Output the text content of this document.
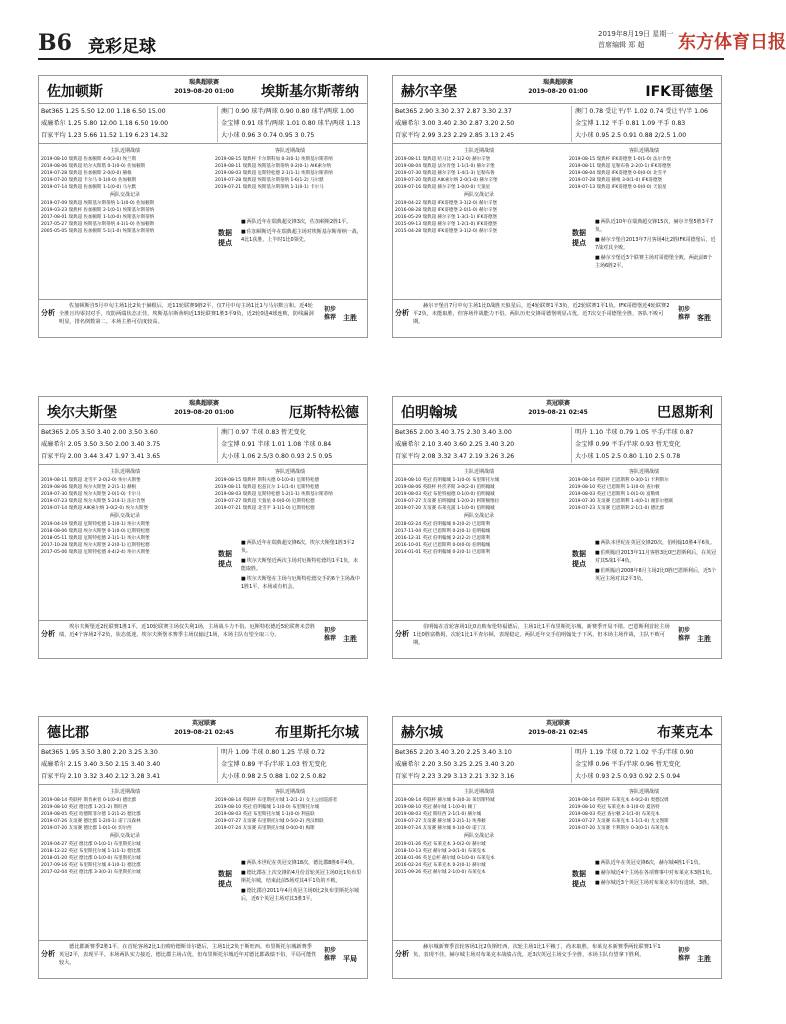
B6 竞彩足球
2019年8月19日 星期一
首席编辑 郑 超	东方体育日报
佐加顿斯
瑞典超联赛
2019-08-20 01:00	埃斯基尔斯蒂纳
Bet365 1.25 5.50 12.00 1.18 6.50 15.00
威廉希尔 1.25 5.80 12.00 1.18 6.50 19.00
百家平均 1.23 5.66 11.52 1.19 6.23 14.32
澳门 0.90 球半/两球 0.90 0.80 球半/两球 1.00
金宝博 0.91 球半/两球 1.01 0.80 球半/两球 1.13
大小球 0.96 3 0.74 0.95 3 0.75
主队近期战绩
2019-08-10 瑞典超 佐加顿斯 4-0(3-0) 埃兰斯
2019-08-06 瑞典超 哈尔夫斯塔 0-1(0-0) 佐加顿斯
2019-07-28 瑞典超 佐加顿斯 2-0(0-0) 赫根
2019-07-20 瑞典超 卡尔马 0-1(0-0) 佐加顿斯
2019-07-14 瑞典超 佐加顿斯 1-1(0-0) 马尔默
两队交战记录
2019-07-09 瑞典超 埃斯基尔斯蒂纳 1-1(0-0) 佐加顿斯
2019-03-23 瑞典杯 佐加顿斯 2-1(0-1) 埃斯基尔斯蒂纳
2017-08-01 瑞典超 佐加顿斯 1-1(0-0) 埃斯基尔斯蒂纳
2017-05-27 瑞典超 埃斯基尔斯蒂纳 4-1(1-0) 佐加顿斯
2005-05-05 瑞典超 佐加顿斯 5-1(1-0) 埃斯基尔斯蒂纳
客队近期战绩
2019-08-15 瑞典杯 卡尔斯科加 0-3(0-1) 埃斯基尔斯蒂纳
2019-08-11 瑞典超 埃斯基尔斯蒂纳 0-2(0-1) AIK索尔纳
2019-08-03 瑞典超 厄斯特松德 2-1(1-1) 埃斯基尔斯蒂纳
2019-07-28 瑞典超 埃斯基尔斯蒂纳 1-6(1-2) 马尔默
2019-07-21 瑞典超 埃斯基尔斯蒂纳 1-1(0-1) 卡尔马
数据提点
■ 两队近年在瑞典超交锋3次，佐加顿斯2胜1平。
■ 佐加顿斯近年在瑞典超主场对埃斯基尔斯蒂纳一战，4比1获胜，上半时1比0领先。
分析
佐加顿斯自5月中旬主场1比2负于赫根后，近11轮联赛9胜2平，仅7月中旬主场1比1与马尔默言和。近4轮全胜且均零封对手，攻防两端状态正佳。埃斯基尔斯蒂纳近13轮联赛1胜3平9负，近2轮0进4球连败，防线漏洞明显，排名倒数第二。本场主胜可信度较高。
初步推荐 主胜
赫尔辛堡
瑞典超联赛
2019-08-20 01:00	IFK哥德堡
Bet365 2.90 3.30 2.37 2.87 3.30 2.37
威廉希尔 3.00 3.40 2.30 2.87 3.20 2.50
百家平均 2.99 3.23 2.29 2.85 3.13 2.45
澳门 0.78 受让平/半 1.02 0.74 受让平/半 1.06
金宝博 1.12 平手 0.81 1.09 平手 0.83
大小球 0.95 2.5 0.91 0.88 2/2.5 1.00
主队近期战绩
2019-08-11 瑞典超 哈马比 2-1(2-0) 赫尔辛堡
2019-08-04 瑞典超 法尔肯堡 1-1(1-0) 赫尔辛堡
2019-07-30 瑞典超 赫尔辛堡 1-4(1-3) 厄勒布鲁
2019-07-20 瑞典超 AIK索尔纳 2-0(1-0) 赫尔辛堡
2019-07-16 瑞典超 赫尔辛堡 1-0(0-0) 天狼星
两队交战记录
2019-04-22 瑞典超 IFK哥德堡 3-1(2-0) 赫尔辛堡
2016-08-28 瑞典超 IFK哥德堡 2-0(1-0) 赫尔辛堡
2016-05-29 瑞典超 赫尔辛堡 1-3(1-1) IFK哥德堡
2015-09-13 瑞典超 赫尔辛堡 1-2(1-0) IFK哥德堡
2015-04-28 瑞典超 IFK哥德堡 3-1(2-0) 赫尔辛堡
客队近期战绩
2019-08-15 瑞典杯 IFK哥德堡 1-0(1-0) 法尔肯堡
2019-08-11 瑞典超 厄勒布鲁 2-2(0-1) IFK哥德堡
2019-08-04 瑞典超 IFK哥德堡 0-0(0-0) 北雪平
2019-07-28 瑞典超 赫根 3-0(1-0) IFK哥德堡
2019-07-13 瑞典超 IFK哥德堡 0-0(0-0) 天狼星
数据提点
■ 两队近10年在瑞典超交锋15次，赫尔辛堡5胜3平7负。
■ 赫尔辛堡自2013年7月客场4比2胜IFK哥德堡后，近7战对其全败。
■ 赫尔辛堡近3个联赛主场对哥德堡全败，两此前8个主场6胜2平。
分析
赫尔辛堡自7月中旬主场1比0战胜天狼星后，近4轮联赛1平3负，近2轮联赛1平1负。IFK哥德堡近4轮联赛2平2负，未能取胜，但客场作战能力不俗。两队历史交锋哥德堡明显占优，近7次交手哥德堡全胜，客队不败可期。
初步推荐 客胜
埃尔夫斯堡
瑞典超联赛
2019-08-20 01:00	厄斯特松德
Bet365 2.05 3.50 3.40 2.00 3.50 3.60
威廉希尔 2.05 3.50 3.50 2.00 3.40 3.75
百家平均 2.00 3.44 3.47 1.97 3.41 3.65
澳门 0.97 半球 0.83 暂无变化
金宝博 0.91 半球 1.01 1.08 半球 0.84
大小球 1.06 2.5/3 0.80 0.93 2.5 0.95
主队近期战绩
2019-08-11 瑞典超 北雪平 2-0(2-0) 埃尔夫斯堡
2019-08-06 瑞典超 埃尔夫斯堡 2-2(1-1) 赫根
2019-07-30 瑞典超 埃尔夫斯堡 2-0(1-0) 卡尔马
2019-07-23 瑞典超 埃尔夫斯堡 5-2(4-1) 法尔肯堡
2019-07-14 瑞典超 AIK索尔纳 3-0(2-0) 埃尔夫斯堡
两队交战记录
2019-04-19 瑞典超 厄斯特松德 1-1(0-1) 埃尔夫斯堡
2018-08-06 瑞典超 埃尔夫斯堡 0-1(0-0) 厄斯特松德
2018-05-11 瑞典超 厄斯特松德 2-1(1-1) 埃尔夫斯堡
2017-10-28 瑞典超 埃尔夫斯堡 2-2(0-1) 厄斯特松德
2017-05-06 瑞典超 厄斯特松德 4-4(2-4) 埃尔夫斯堡
客队近期战绩
2019-08-15 瑞典杯 斯科夫德 0-1(0-0) 厄斯特松德
2019-08-11 瑞典超 松兹瓦尔 1-1(1-0) 厄斯特松德
2019-08-03 瑞典超 厄斯特松德 1-2(1-1) 埃斯基尔斯蒂纳
2019-07-27 瑞典超 天狼星 0-0(0-0) 厄斯特松德
2019-07-21 瑞典超 北雪平 3-1(1-0) 厄斯特松德
数据提点
■ 两队近年在瑞典超交锋6次，埃尔夫斯堡1胜3平2负。
■ 埃尔夫斯堡近两次主场对厄斯特松德均1平1负，未能取胜。
■ 埃尔夫斯堡在主场与厄斯特松德交手的6个主场战中1胜1平，本场或有机会。
分析
埃尔夫斯堡近2轮联赛1胜1平，近10轮联赛主场仅失利1场，主场战斗力不俗。厄斯特松德近5轮联赛未尝胜绩，近4个客场2平2负，状态低迷。埃尔夫斯堡本赛季主场仅输过1场，本场主队有望全取三分。
初步推荐 主胜
伯明翰城
英冠联赛
2019-08-21 02:45	巴恩斯利
Bet365 2.00 3.40 3.75 2.30 3.40 3.00
威廉希尔 2.10 3.40 3.60 2.25 3.40 3.20
百家平均 2.08 3.32 3.47 2.19 3.26 3.26
明升 1.10 半球 0.79 1.05 平手/半球 0.87
金宝博 0.99 平手/半球 0.93 暂无变化
大小球 1.05 2.5 0.80 1.10 2.5 0.78
主队近期战绩
2019-08-10 英冠 伯明翰城 1-1(0-0) 布里斯托尔城
2019-08-06 英联杯 朴茨茅斯 3-0(2-0) 伯明翰城
2019-08-03 英冠 布伦特福德 0-1(0-0) 伯明翰城
2019-07-27 友谊赛 伯明翰城 1-2(0-2) 阿斯顿维拉
2019-07-20 友谊赛 布莱克浦 1-1(0-0) 伯明翰城
两队交战记录
2018-02-24 英冠 伯明翰城 0-2(0-2) 巴恩斯利
2017-11-04 英冠 巴恩斯利 0-2(0-1) 伯明翰城
2016-12-31 英冠 伯明翰城 2-2(2-2) 巴恩斯利
2016-10-01 英冠 巴恩斯利 0-0(0-0) 伯明翰城
2014-01-01 英冠 伯明翰城 0-2(0-1) 巴恩斯利
客队近期战绩
2019-08-14 英联杯 巴恩斯利 0-3(0-1) 卡利斯尔
2019-08-10 英冠 巴恩斯利 1-1(0-0) 查尔顿
2019-08-03 英冠 巴恩斯利 1-0(1-0) 富勒姆
2019-07-30 友谊赛 巴恩斯利 1-4(0-1) 谢菲尔德联
2019-07-23 友谊赛 巴恩斯利 2-1(1-0) 德比郡
数据提点
■ 两队本世纪在英冠交锋20次，伯明翰10胜4平6负。
■ 伯明翰自2013年11月客胜3比0巴恩斯利后，在英冠对其5战1平4负。
■ 伯明翰自2008年8月主场2比0胜巴恩斯利后，近5个英冠主场对其2平3负。
分析
伯明翰在首轮客场1比0击败布伦特福德后，主场1比1平布里斯托尔城，新赛季开局不错。巴恩斯利首轮主场1比0胜富勒姆，次轮1比1平查尔顿，表现稳定。两队近年交手伯明翰处于下风，但本场主场作战，主队不败可期。
初步推荐 主胜
德比郡
英冠联赛
2019-08-21 02:45	布里斯托尔城
Bet365 1.95 3.50 3.80 2.20 3.25 3.30
威廉希尔 2.15 3.40 3.50 2.15 3.40 3.40
百家平均 2.10 3.32 3.40 2.12 3.28 3.41
明升 1.09 半球 0.80 1.25 半球 0.72
金宝博 0.89 平手/半球 1.03 暂无变化
大小球 0.98 2.5 0.88 1.02 2.5 0.82
主队近期战绩
2019-08-14 英联杯 斯肯索普 0-1(0-0) 德比郡
2019-08-10 英冠 德比郡 1-2(1-2) 斯旺西
2019-08-05 英冠 哈德斯菲尔德 1-2(1-2) 德比郡
2019-07-26 友谊赛 德比郡 1-2(0-1) 诺丁汉森林
2019-07-20 友谊赛 德比郡 1-0(1-0) 切尔西
两队交战记录
2019-04-27 英冠 德比郡 0-1(0-1) 布里斯托尔城
2018-12-22 英冠 布里斯托尔城 1-1(1-1) 德比郡
2018-01-20 英冠 德比郡 0-1(0-0) 布里斯托尔城
2017-09-16 英冠 布里斯托尔城 4-1(0-1) 德比郡
2017-02-04 英冠 德比郡 3-3(0-3) 布里斯托尔城
客队近期战绩
2019-08-14 英联杯 布里斯托尔城 1-2(1-2) 女王公园巡游者
2019-08-10 英冠 伯明翰城 1-1(0-0) 布里斯托尔城
2019-08-03 英冠 布里斯托尔城 1-1(0-0) 利兹联
2019-07-27 友谊赛 布里斯托尔城 0-5(0-2) 西汉姆联
2019-07-24 友谊赛 布里斯托尔城 0-0(0-0) 梅斯
数据提点
■ 两队本世纪在英冠交锋18次，德比郡8胜6平4负。
■ 德比郡在上次交锋的4月份首轮英冠主场0比1负布里斯托尔城，结束此前5场对其4平1负的不败。
■ 德比郡自2011年4月英冠主场0比2负布里斯托尔城后，近6个英冠主场对其3胜3平。
分析
德比郡新赛季2胜1平，在首轮客场2比1击败哈德斯菲尔德后，主场1比2负于斯旺西。布里斯托尔城新赛季英冠2平，表现平平。本场两队实力接近，德比郡主场占优，但布里斯托尔城近年对德比郡战绩不俗，平局可能性较大。
初步推荐 平局
赫尔城
英冠联赛
2019-08-21 02:45	布莱克本
Bet365 2.20 3.40 3.20 2.25 3.40 3.10
威廉希尔 2.20 3.50 3.25 2.25 3.40 3.20
百家平均 2.23 3.29 3.13 2.21 3.32 3.16
明升 1.19 半球 0.72 1.02 平手/半球 0.90
金宝博 0.96 平手/半球 0.96 暂无变化
大小球 0.93 2.5 0.93 0.92 2.5 0.94
主队近期战绩
2019-08-14 英联杯 赫尔城 0-3(0-3) 莱切斯特城
2019-08-10 英冠 赫尔城 1-1(0-0) 赖丁
2019-08-03 英冠 斯旺西 2-1(1-0) 赫尔城
2019-07-27 友谊赛 赫尔城 2-2(1-1) 埃弗顿
2019-07-24 友谊赛 赫尔城 0-1(0-0) 诺丁汉
两队交战记录
2019-01-26 英冠 布莱克本 3-0(2-0) 赫尔城
2018-10-13 英冠 赫尔城 3-0(1-0) 布莱克本
2018-01-06 英足总杯 赫尔城 0-1(0-0) 布莱克本
2016-02-24 英冠 布莱克本 0-2(0-1) 赫尔城
2015-09-26 英冠 赫尔城 2-1(0-0) 布莱克本
客队近期战绩
2019-08-14 英联杯 布莱克本 4-0(2-0) 奥德汉姆
2019-08-10 英冠 布莱克本 0-1(0-0) 夏洛特
2019-08-03 英冠 查尔顿 2-1(1-0) 布莱克本
2019-07-27 友谊赛 布莱克本 1-1(1-0) 尤文图斯
2019-07-20 友谊赛 卡利斯尔 0-3(0-1) 布莱克本
数据提点
■ 两队近年在英冠交锋6次，赫尔城4胜1平1负。
■ 赫尔城近4个主场在各项赛事中对布莱克本3胜1负。
■ 赫尔城近3个英冠主场对布莱克本均有进球，3胜。
分析
赫尔城新赛季首轮客场1比2负斯旺西，次轮主场1比1平赖丁，尚未取胜。布莱克本新赛季两轮联赛1平1负，表现不佳。赫尔城主场对布莱克本战绩占优，近3次英冠主场交手全胜，本场主队有望拿下胜利。
初步推荐 主胜
